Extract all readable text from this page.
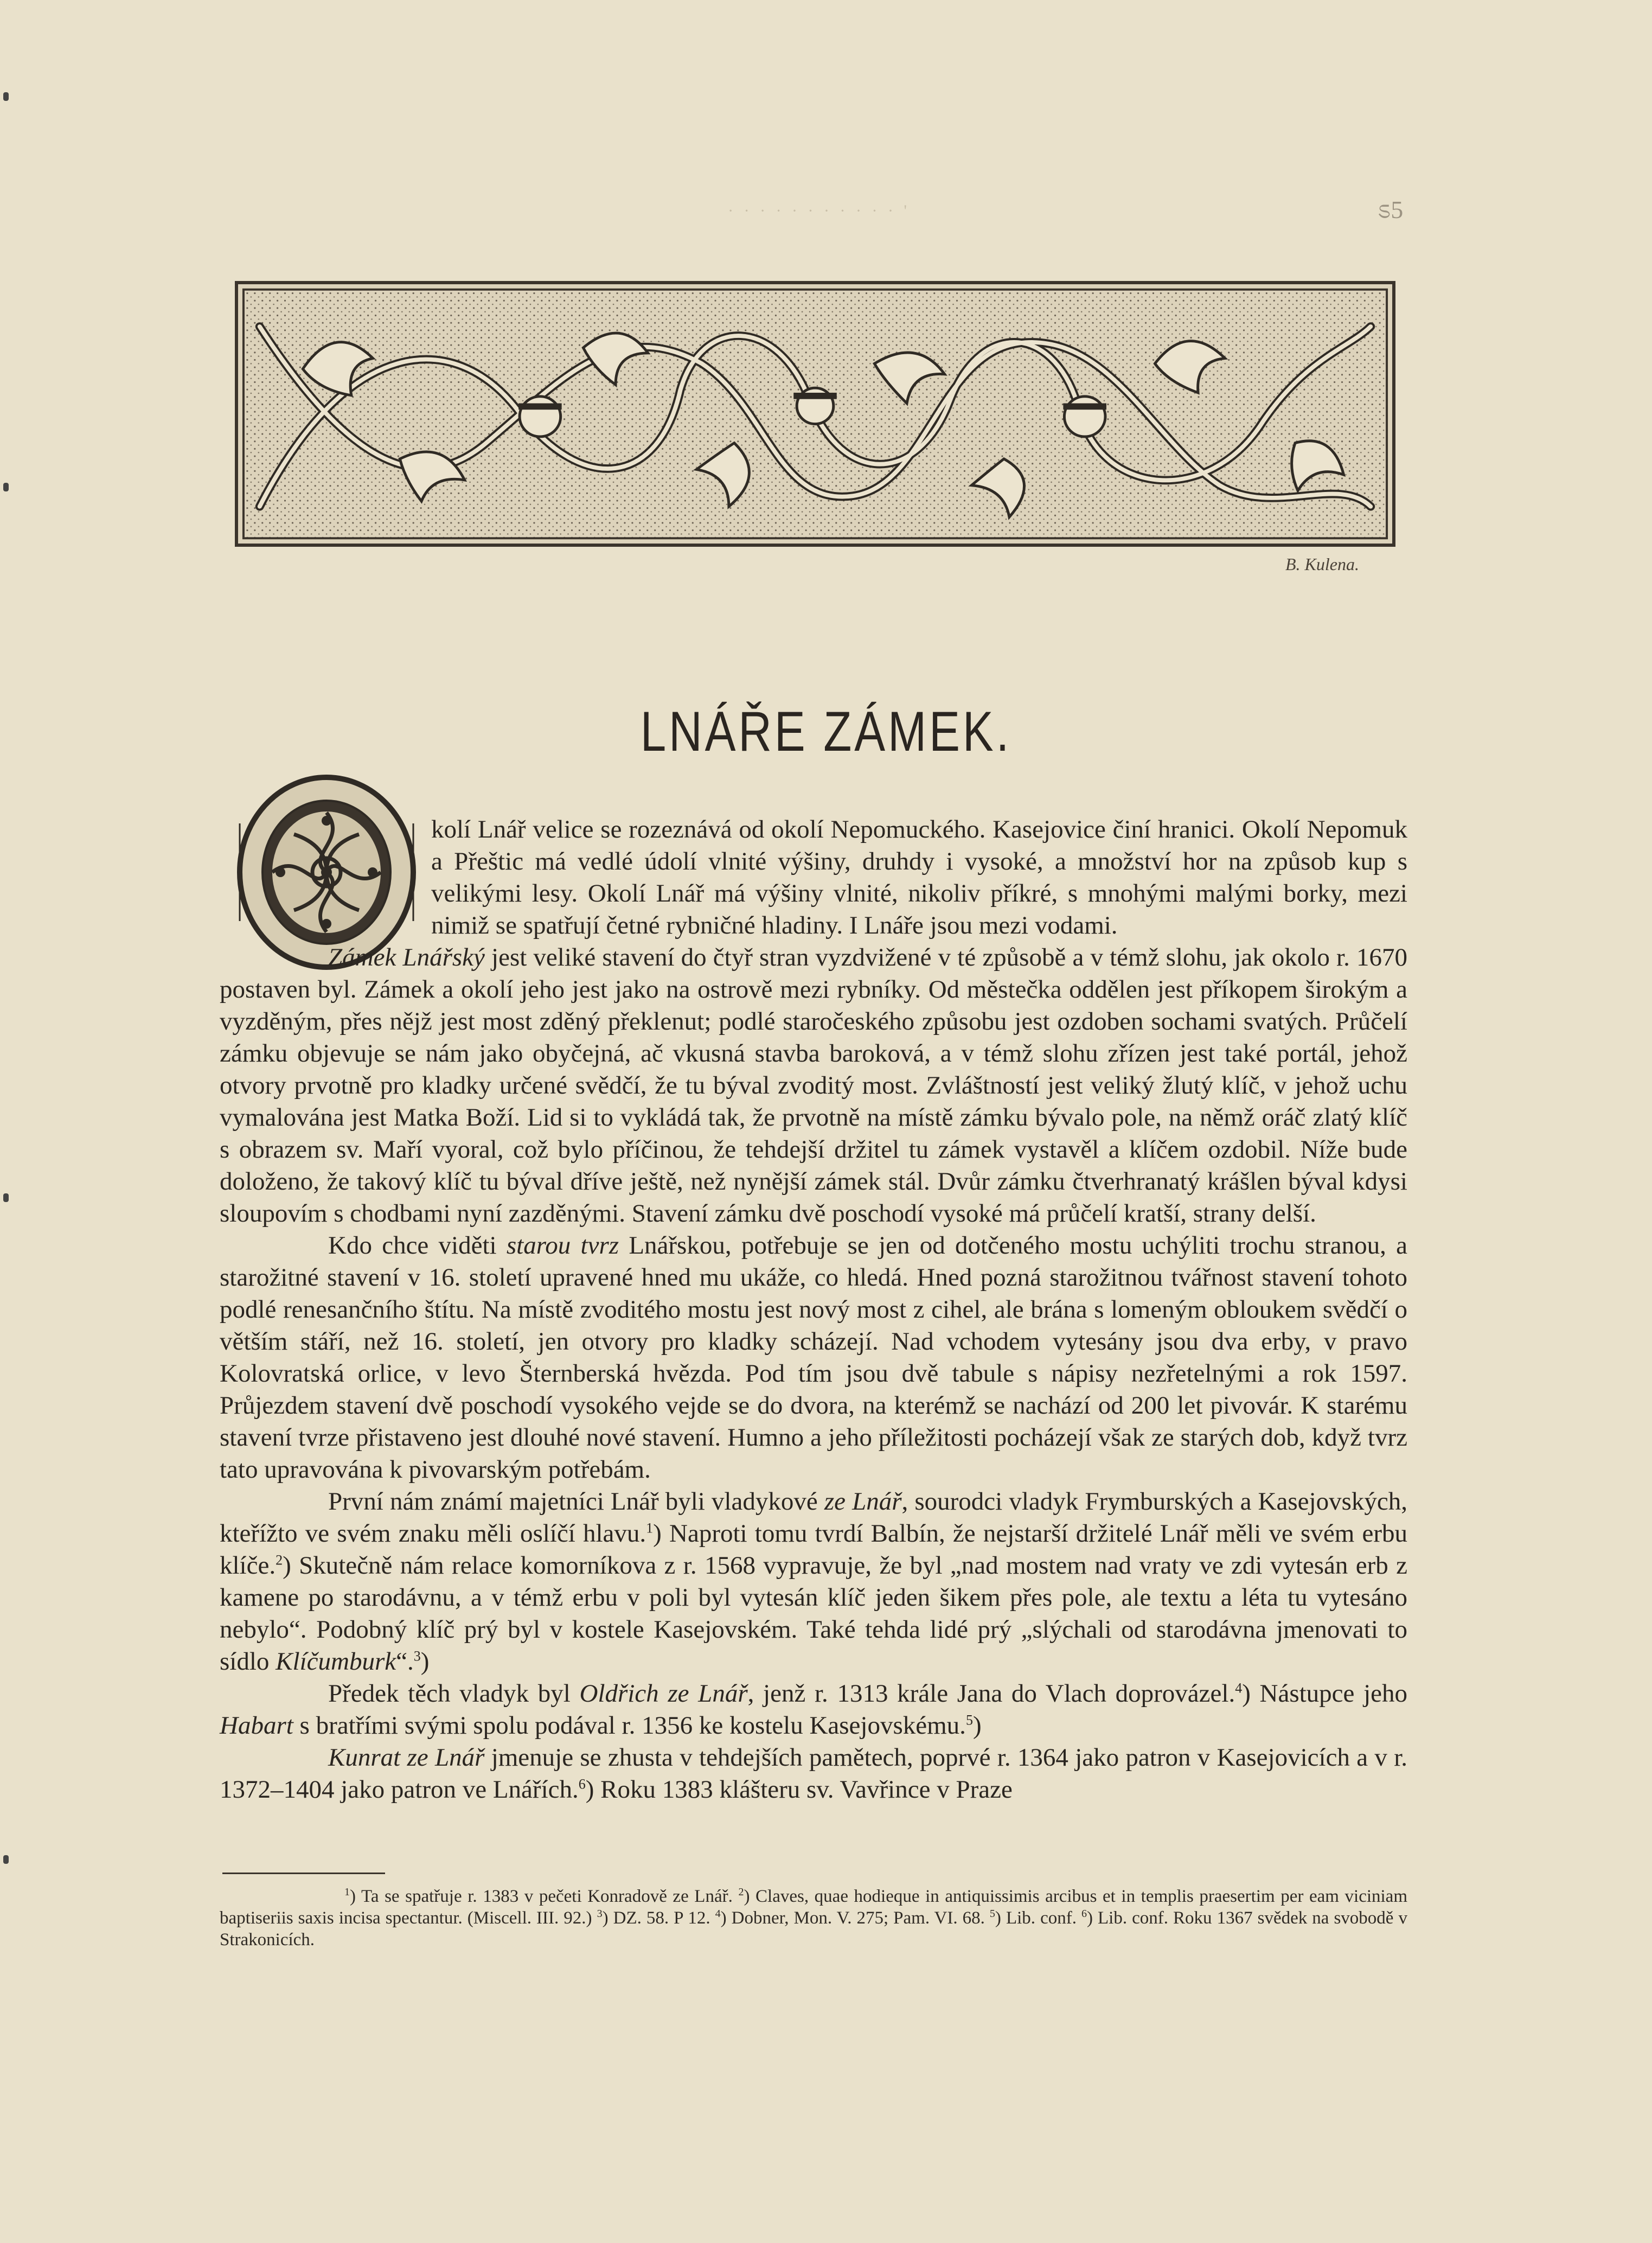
· · · · · · · · · · · '	ಽ5
B. Kulena.
LNÁŘE ZÁMEK.

kolí Lnář velice se rozeznává od okolí Nepomuckého. Kasejovice činí hranici. Okolí Nepomuk a Přeštic má vedlé údolí vlnité výšiny, druhdy i vysoké, a množství hor na způsob kup s velikými lesy. Okolí Lnář má výšiny vlnité, nikoliv příkré, s mnohými malými borky, mezi nimiž se spatřují četné rybničné hladiny. I Lnáře jsou mezi vodami.

Zámek Lnářský jest veliké stavení do čtyř stran vyzdvižené v té způsobě a v témž slohu, jak okolo r. 1670 postaven byl. Zámek a okolí jeho jest jako na ostrově mezi rybníky. Od městečka oddělen jest příkopem širokým a vyzděným, přes nějž jest most zděný překlenut; podlé staročeského způsobu jest ozdoben sochami svatých. Průčelí zámku objevuje se nám jako obyčejná, ač vkusná stavba baroková, a v témž slohu zřízen jest také portál, jehož otvory prvotně pro kladky určené svědčí, že tu býval zvoditý most. Zvláštností jest veliký žlutý klíč, v jehož uchu vymalována jest Matka Boží. Lid si to vykládá tak, že prvotně na místě zámku bývalo pole, na němž oráč zlatý klíč s obrazem sv. Maří vyoral, což bylo příčinou, že tehdejší držitel tu zámek vystavěl a klíčem ozdobil. Níže bude doloženo, že takový klíč tu býval dříve ještě, než nynější zámek stál. Dvůr zámku čtverhranatý krášlen býval kdysi sloupovím s chodbami nyní zazděnými. Stavení zámku dvě poschodí vysoké má průčelí kratší, strany delší.

Kdo chce viděti starou tvrz Lnářskou, potřebuje se jen od dotčeného mostu uchýliti trochu stranou, a starožitné stavení v 16. století upravené hned mu ukáže, co hledá. Hned pozná starožitnou tvářnost stavení tohoto podlé renesančního štítu. Na místě zvoditého mostu jest nový most z cihel, ale brána s lomeným obloukem svědčí o větším stáří, než 16. století, jen otvory pro kladky scházejí. Nad vchodem vytesány jsou dva erby, v pravo Kolovratská orlice, v levo Šternberská hvězda. Pod tím jsou dvě tabule s nápisy nezřetelnými a rok 1597. Průjezdem stavení dvě poschodí vysokého vejde se do dvora, na kterémž se nachází od 200 let pivovár. K starému stavení tvrze přistaveno jest dlouhé nové stavení. Humno a jeho příležitosti pocházejí však ze starých dob, když tvrz tato upravována k pivovarským potřebám.

První nám známí majetníci Lnář byli vladykové ze Lnář, sourodci vladyk Frymburských a Kasejovských, kteřížto ve svém znaku měli oslíčí hlavu.$^1$) Naproti tomu tvrdí Balbín, že nejstarší držitelé Lnář měli ve svém erbu klíče.$^2$) Skutečně nám relace komorníkova z r. 1568 vypravuje, že byl „nad mostem nad vraty ve zdi vytesán erb z kamene po starodávnu, a v témž erbu v poli byl vytesán klíč jeden šikem přes pole, ale textu a léta tu vytesáno nebylo“. Podobný klíč prý byl v kostele Kasejovském. Také tehda lidé prý „slýchali od starodávna jmenovati to sídlo Klíčumburk“.$^3$)

Předek těch vladyk byl Oldřich ze Lnář, jenž r. 1313 krále Jana do Vlach doprovázel.$^4$) Nástupce jeho Habart s bratřími svými spolu podával r. 1356 ke kostelu Kasejovskému.$^5$)

Kunrat ze Lnář jmenuje se zhusta v tehdejších pamětech, poprvé r. 1364 jako patron v Kasejovicích a v r. 1372–1404 jako patron ve Lnářích.$^6$) Roku 1383 klášteru sv. Vavřince v Praze

$^1$) Ta se spatřuje r. 1383 v pečeti Konradově ze Lnář. $^2$) Claves, quae hodieque in antiquissimis arcibus et in templis praesertim per eam viciniam baptiseriis saxis incisa spectantur. (Miscell. III. 92.) $^3$) DZ. 58. P 12. $^4$) Dobner, Mon. V. 275; Pam. VI. 68. $^5$) Lib. conf. $^6$) Lib. conf. Roku 1367 svědek na svobodě v Strakonicích.
